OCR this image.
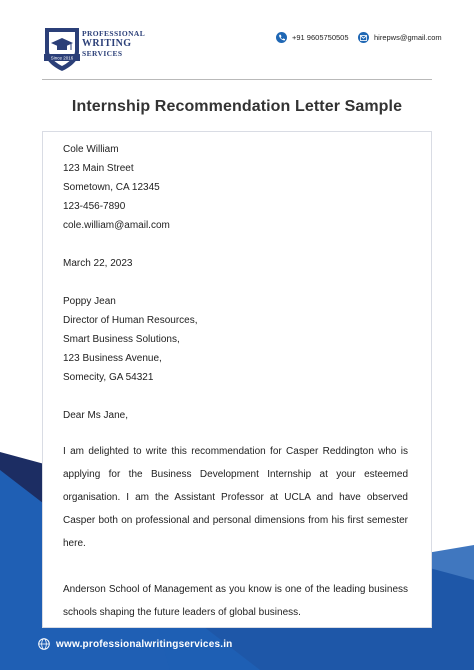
Since 2016
PROFESSIONAL
WRITING
SERVICES
+91 9605750505	hirepws@gmail.com
Internship Recommendation Letter Sample
Cole William
123 Main Street
Sometown, CA 12345
123-456-7890
cole.william@amail.com
March 22, 2023
Poppy Jean
Director of Human Resources,
Smart Business Solutions,
123 Business Avenue,
Somecity, GA 54321
Dear Ms Jane,

I am delighted to write this recommendation for Casper Reddington who is applying for the Business Development Internship at your esteemed organisation. I am the Assistant Professor at UCLA and have observed Casper both on professional and personal dimensions from his first semester here.

Anderson School of Management as you know is one of the leading business schools shaping the future leaders of global business.

www.professionalwritingservices.in
